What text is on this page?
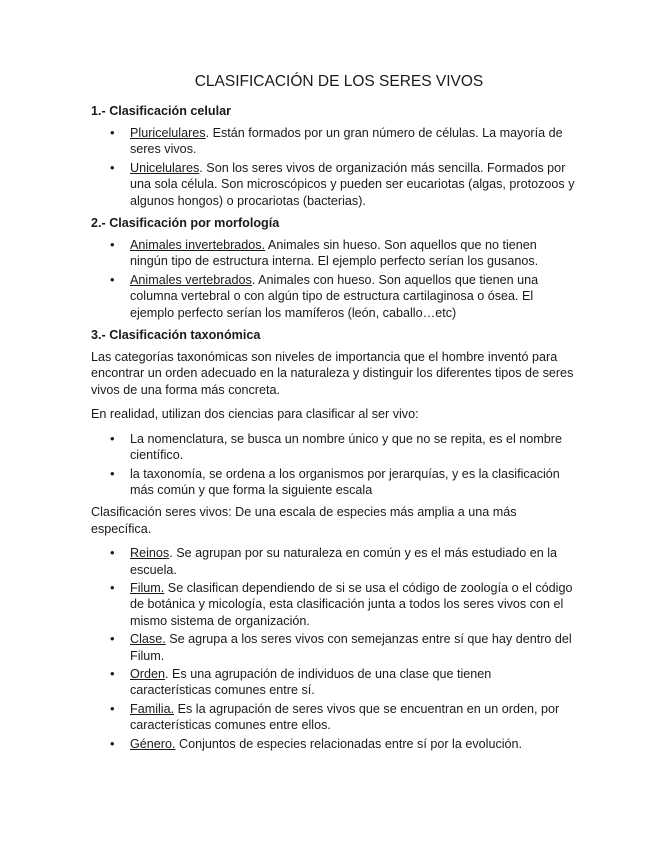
CLASIFICACIÓN DE LOS SERES VIVOS
1.- Clasificación celular
• Pluricelulares. Están formados por un gran número de células. La mayoría de seres vivos.
• Unicelulares. Son los seres vivos de organización más sencilla. Formados por una sola célula. Son microscópicos y pueden ser eucariotas (algas, protozoos y algunos hongos) o procariotas (bacterias).
2.- Clasificación por morfología
• Animales invertebrados. Animales sin hueso. Son aquellos que no tienen ningún tipo de estructura interna. El ejemplo perfecto serían los gusanos.
• Animales vertebrados. Animales con hueso. Son aquellos que tienen una columna vertebral o con algún tipo de estructura cartilaginosa o ósea. El ejemplo perfecto serían los mamíferos (león, caballo…etc)
3.- Clasificación taxonómica

Las categorías taxonómicas son niveles de importancia que el hombre inventó para encontrar un orden adecuado en la naturaleza y distinguir los diferentes tipos de seres vivos de una forma más concreta.

En realidad, utilizan dos ciencias para clasificar al ser vivo:

• La nomenclatura, se busca un nombre único y que no se repita, es el nombre científico.
• la taxonomía, se ordena a los organismos por jerarquías, y es la clasificación más común y que forma la siguiente escala

Clasificación seres vivos: De una escala de especies más amplia a una más específica.

• Reinos. Se agrupan por su naturaleza en común y es el más estudiado en la escuela.
• Filum. Se clasifican dependiendo de si se usa el código de zoología o el código de botánica y micología, esta clasificación junta a todos los seres vivos con el mismo sistema de organización.
• Clase. Se agrupa a los seres vivos con semejanzas entre sí que hay dentro del Filum.
• Orden. Es una agrupación de individuos de una clase que tienen características comunes entre sí.
• Familia. Es la agrupación de seres vivos que se encuentran en un orden, por características comunes entre ellos.
• Género. Conjuntos de especies relacionadas entre sí por la evolución.
